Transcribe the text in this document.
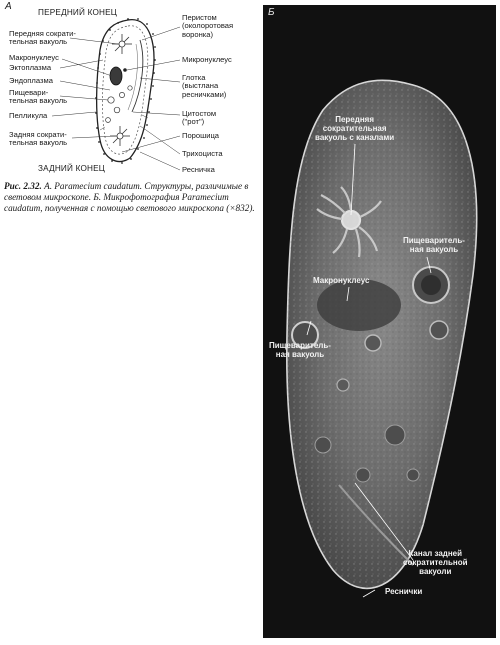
А
ПЕРЕДНИЙ КОНЕЦ
ЗАДНИЙ КОНЕЦ
Передняя сократи-
тельная вакуоль
Макронуклеус
Эктоплазма
Эндоплазма
Пищевари-
тельная вакуоль
Пелликула
Задняя сократи-
тельная вакуоль
Перистом
(околоротовая
воронка)
Микронуклеус
Глотка
(выстлана
ресничками)
Цитостом
("рот")
Порошица
Трихоциста
Ресничка
Рис. 2.32. А. Paramecium caudatum. Структуры, различимые в световом микроскопе. Б. Микрофотография Paramecium caudatum, полученная с помощью светового микроскопа (×832).
Б
Передняя
сократительная
вакуоль с каналами
Пищеваритель-
ная вакуоль
Макронуклеус
Пищеваритель-
ная вакуоль
Канал задней
сократительной
вакуоли
Реснички
